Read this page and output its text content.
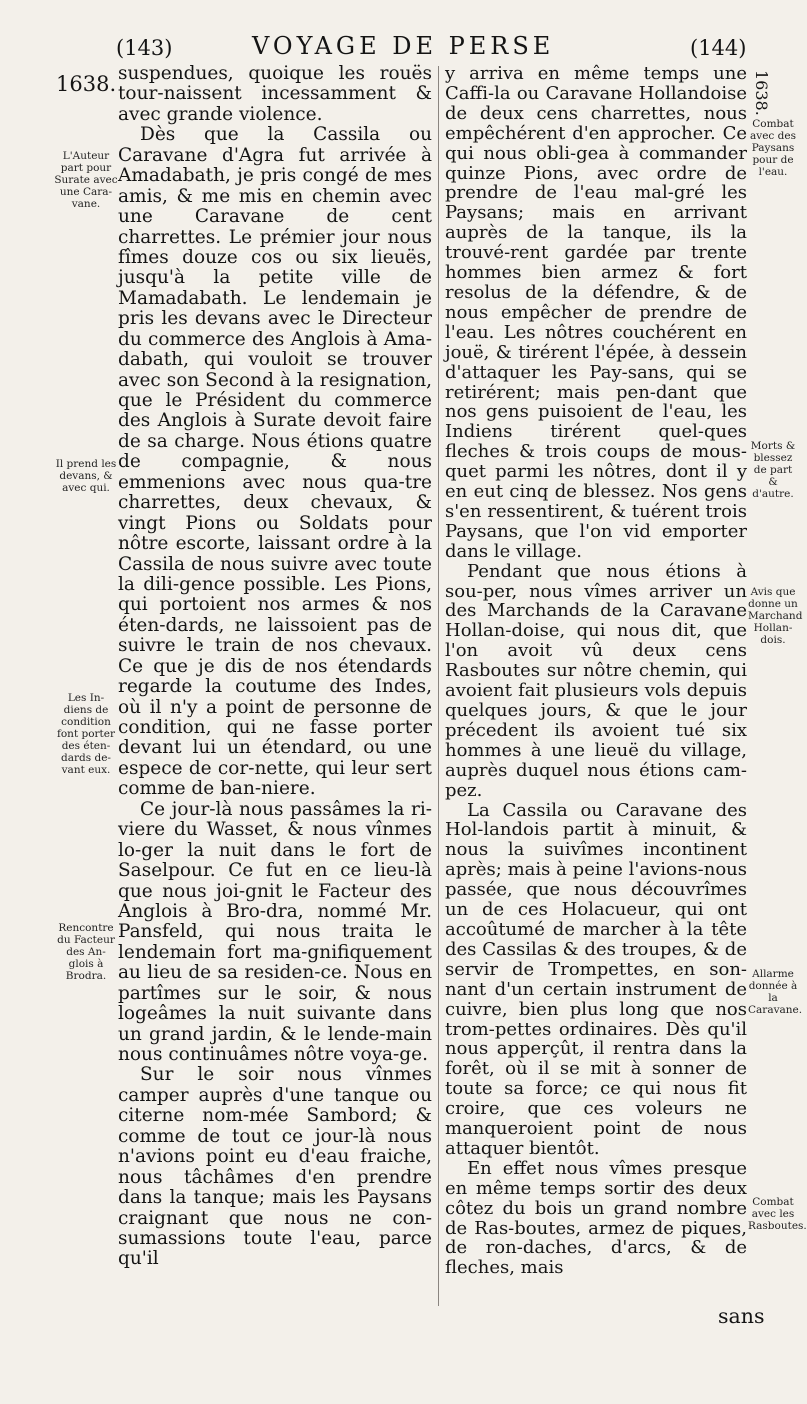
(143)	VOYAGE DE PERSE	(144)
1638.	1638.
L'Auteur part pour Surate avec une Cara-vane.
Il prend les devans, & avec qui.
Les In-diens de condition font porter des éten-dards de-vant eux.
Rencontre du Facteur des An-glois à Brodra.

suspendues, quoique les rouës tour-naissent incessamment & avec grande violence.

Dès que la Cassila ou Caravane d'Agra fut arrivée à Amadabath, je pris congé de mes amis, & me mis en chemin avec une Caravane de cent charrettes. Le prémier jour nous fîmes douze cos ou six lieuës, jusqu'à la petite ville de Mamadabath. Le lendemain je pris les devans avec le Directeur du commerce des Anglois à Ama-dabath, qui vouloit se trouver avec son Second à la resignation, que le Président du commerce des Anglois à Surate devoit faire de sa charge. Nous étions quatre de compagnie, & nous emmenions avec nous qua-tre charrettes, deux chevaux, & vingt Pions ou Soldats pour nôtre escorte, laissant ordre à la Cassila de nous suivre avec toute la dili-gence possible. Les Pions, qui portoient nos armes & nos éten-dards, ne laissoient pas de suivre le train de nos chevaux. Ce que je dis de nos étendards regarde la coutume des Indes, où il n'y a point de personne de condition, qui ne fasse porter devant lui un étendard, ou une espece de cor-nette, qui leur sert comme de ban-niere.

Ce jour-là nous passâmes la ri-viere du Wasset, & nous vînmes lo-ger la nuit dans le fort de Saselpour. Ce fut en ce lieu-là que nous joi-gnit le Facteur des Anglois à Bro-dra, nommé Mr. Pansfeld, qui nous traita le lendemain fort ma-gnifiquement au lieu de sa residen-ce. Nous en partîmes sur le soir, & nous logeâmes la nuit suivante dans un grand jardin, & le lende-main nous continuâmes nôtre voya-ge.

Sur le soir nous vînmes camper auprès d'une tanque ou citerne nom-mée Sambord; & comme de tout ce jour-là nous n'avions point eu d'eau fraiche, nous tâchâmes d'en prendre dans la tanque; mais les Paysans craignant que nous ne con-sumassions toute l'eau, parce qu'il

y arriva en même temps une Caffi-la ou Caravane Hollandoise de deux cens charrettes, nous empêchérent d'en approcher. Ce qui nous obli-gea à commander quinze Pions, avec ordre de prendre de l'eau mal-gré les Paysans; mais en arrivant auprès de la tanque, ils la trouvé-rent gardée par trente hommes bien armez & fort resolus de la défendre, & de nous empêcher de prendre de l'eau. Les nôtres couchérent en jouë, & tirérent l'épée, à dessein d'attaquer les Pay-sans, qui se retirérent; mais pen-dant que nos gens puisoient de l'eau, les Indiens tirérent quel-ques fleches & trois coups de mous-quet parmi les nôtres, dont il y en eut cinq de blessez. Nos gens s'en ressentirent, & tuérent trois Paysans, que l'on vid emporter dans le village.

Pendant que nous étions à sou-per, nous vîmes arriver un des Marchands de la Caravane Hollan-doise, qui nous dit, que l'on avoit vû deux cens Rasboutes sur nôtre chemin, qui avoient fait plusieurs vols depuis quelques jours, & que le jour précedent ils avoient tué six hommes à une lieuë du village, auprès duquel nous étions cam-pez.

La Cassila ou Caravane des Hol-landois partit à minuit, & nous la suivîmes incontinent après; mais à peine l'avions-nous passée, que nous découvrîmes un de ces Holacueur, qui ont accoûtumé de marcher à la tête des Cassilas & des troupes, & de servir de Trompettes, en son-nant d'un certain instrument de cuivre, bien plus long que nos trom-pettes ordinaires. Dès qu'il nous apperçût, il rentra dans la forêt, où il se mit à sonner de toute sa force; ce qui nous fit croire, que ces voleurs ne manqueroient point de nous attaquer bientôt.

En effet nous vîmes presque en même temps sortir des deux côtez du bois un grand nombre de Ras-boutes, armez de piques, de ron-daches, d'arcs, & de fleches, mais

Combat avec des Paysans pour de l'eau.
Morts & blessez de part & d'autre.
Avis que donne un Marchand Hollan-dois.
Allarme donnée à la Caravane.
Combat avec les Rasboutes.
sans
